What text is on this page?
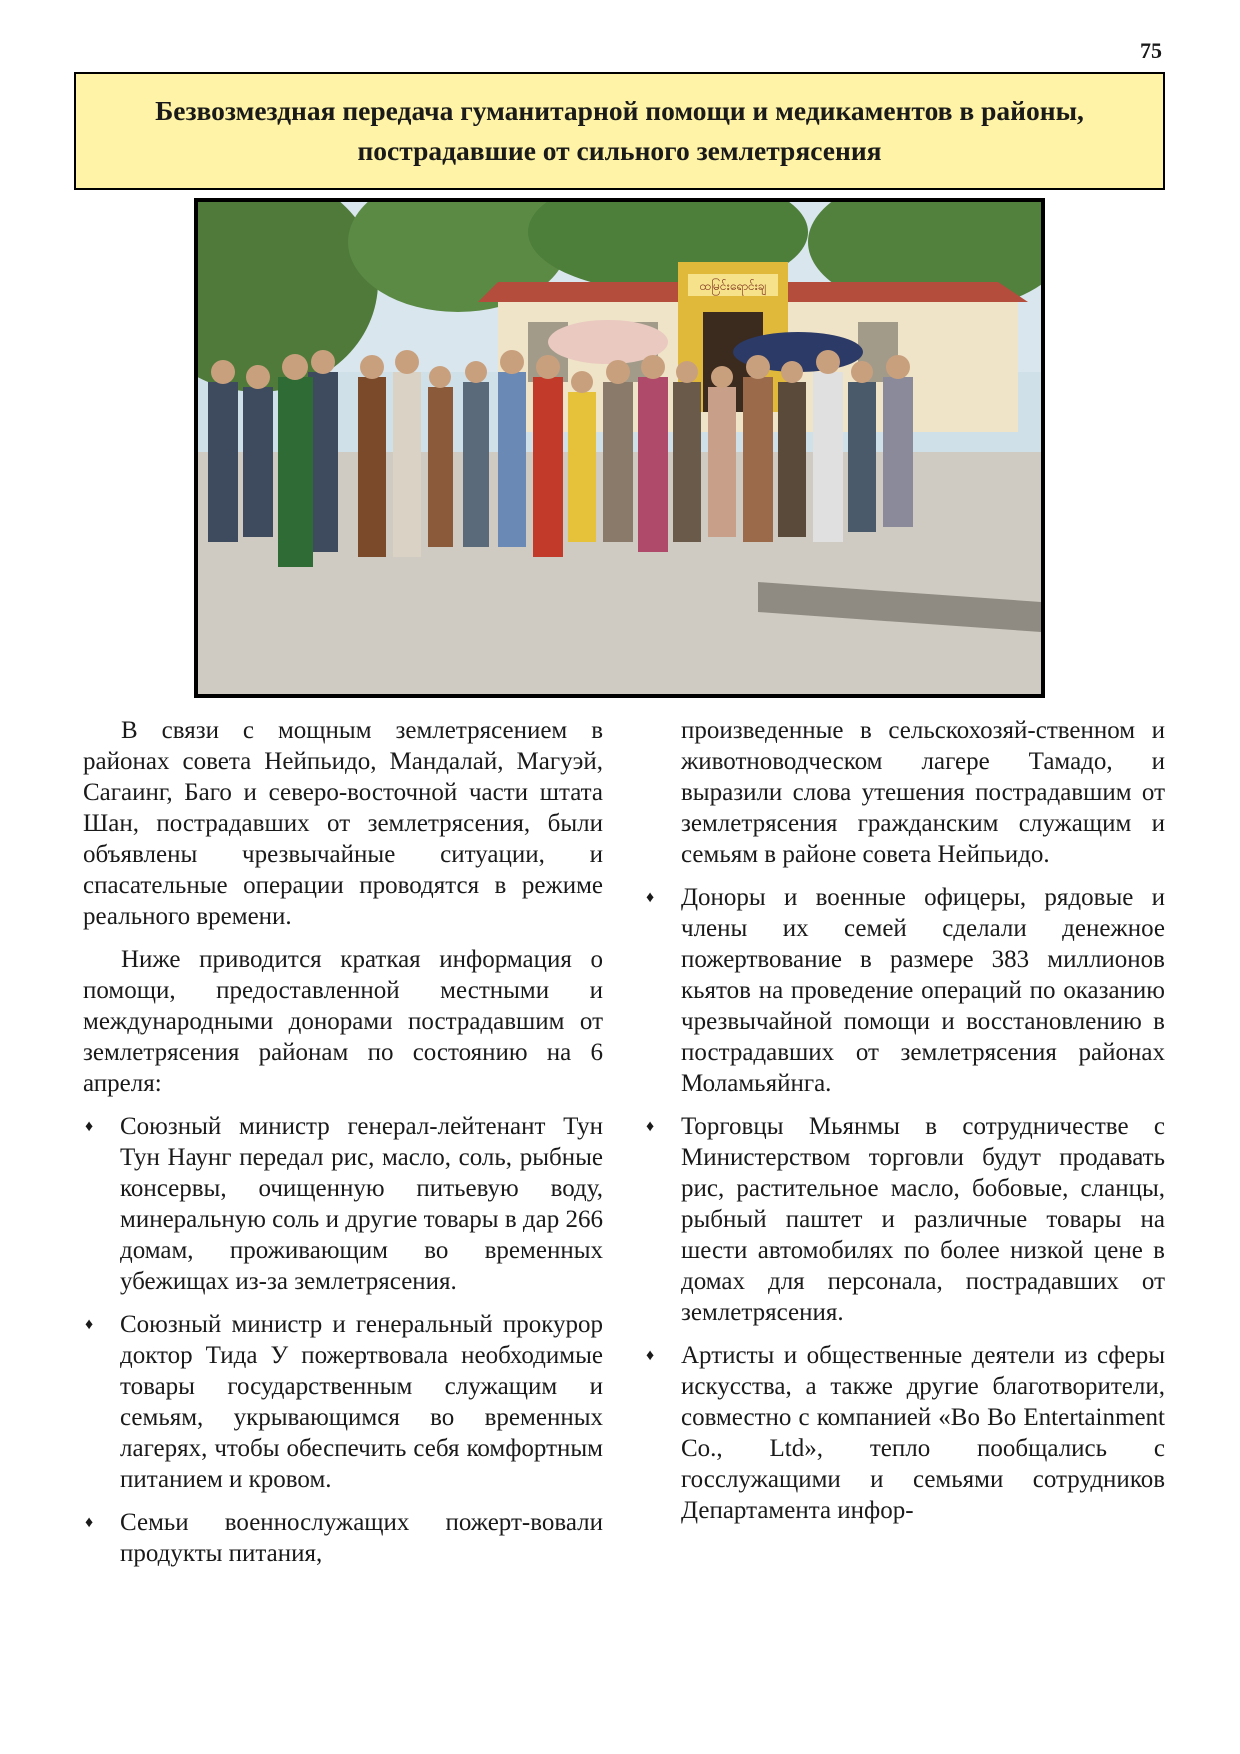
75
Безвозмездная передача гуманитарной помощи и медикаментов в районы,
пострадавшие от сильного землетрясения
ထမြင်းရောင်းချ

В связи с мощным землетрясением в районах совета Нейпьидо, Мандалай, Магуэй, Сагаинг, Баго и северо-восточной части штата Шан, пострадавших от землетрясения, были объявлены чрезвычайные ситуации, и спасательные операции проводятся в режиме реального времени.

Ниже приводится краткая информация о помощи, предоставленной местными и международными донорами пострадавшим от землетрясения районам по состоянию на 6 апреля:

♦ Союзный министр генерал-лейтенант Тун Тун Наунг передал рис, масло, соль, рыбные консервы, очищенную питьевую воду, минеральную соль и другие товары в дар 266 домам, проживающим во временных убежищах из-за землетрясения.
♦ Союзный министр и генеральный прокурор доктор Тида У пожертвовала необходимые товары государственным служащим и семьям, укрывающимся во временных лагерях, чтобы обеспечить себя комфортным питанием и кровом.
♦ Семьи военнослужащих пожерт-вовали продукты питания,
произведенные в сельскохозяй-ственном и животноводческом лагере Тамадо, и выразили слова утешения пострадавшим от землетрясения гражданским служащим и семьям в районе совета Нейпьидо.
♦ Доноры и военные офицеры, рядовые и члены их семей сделали денежное пожертвование в размере 383 миллионов кьятов на проведение операций по оказанию чрезвычайной помощи и восстановлению в пострадавших от землетрясения районах Моламьяйнга.
♦ Торговцы Мьянмы в сотрудничестве с Министерством торговли будут продавать рис, растительное масло, бобовые, сланцы, рыбный паштет и различные товары на шести автомобилях по более низкой цене в домах для персонала, пострадавших от землетрясения.
♦ Артисты и общественные деятели из сферы искусства, а также другие благотворители, совместно с компанией «Bo Bo Entertainment Co., Ltd», тепло пообщались с госслужащими и семьями сотрудников Департамента инфор-
